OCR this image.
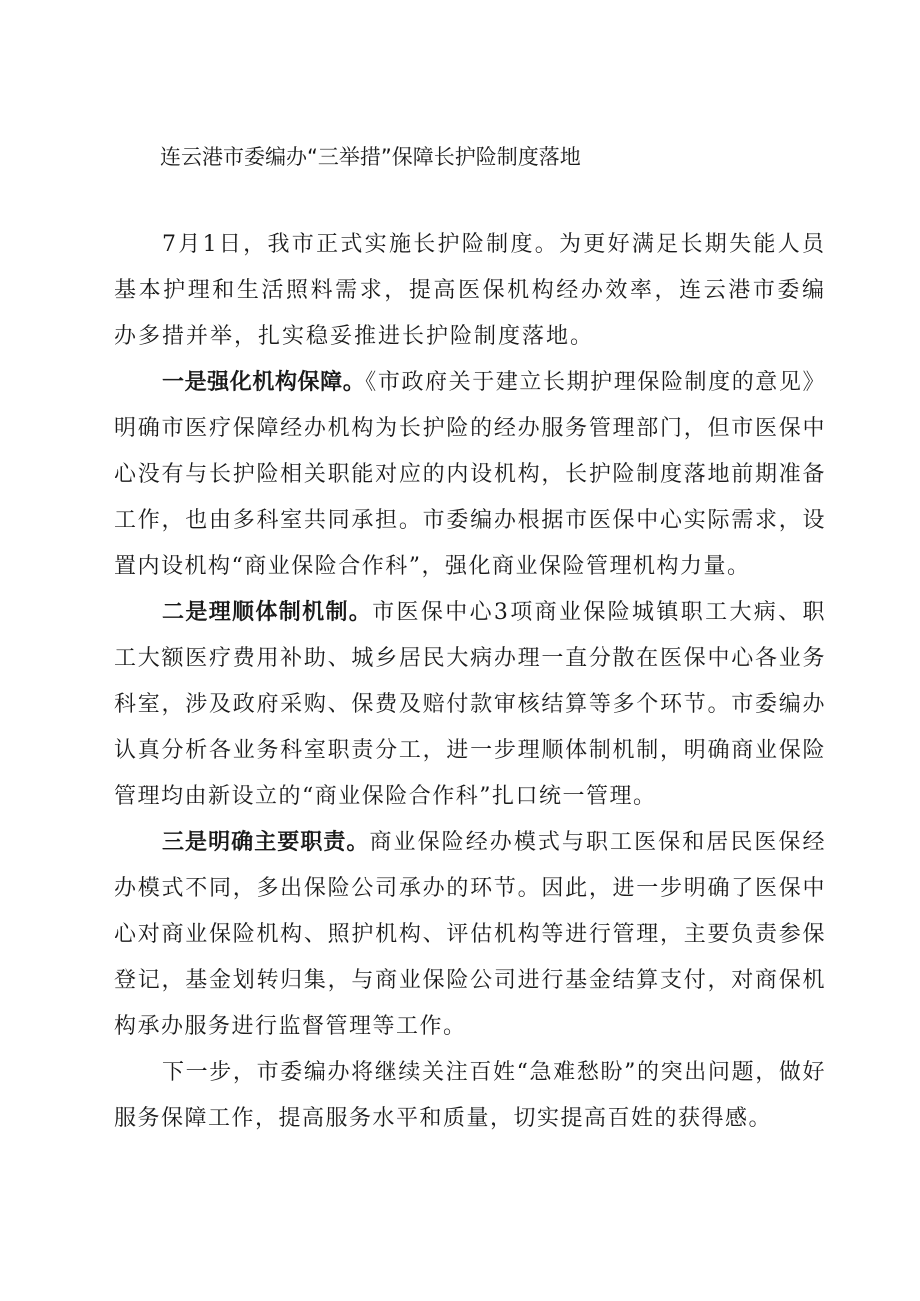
连云港市委编办“三举措”保障长护险制度落地

7月1日，我市正式实施长护险制度。为更好满足长期失能人员基本护理和生活照料需求，提高医保机构经办效率，连云港市委编办多措并举，扎实稳妥推进长护险制度落地。

一是强化机构保障。《市政府关于建立长期护理保险制度的意见》明确市医疗保障经办机构为长护险的经办服务管理部门，但市医保中心没有与长护险相关职能对应的内设机构，长护险制度落地前期准备工作，也由多科室共同承担。市委编办根据市医保中心实际需求，设置内设机构“商业保险合作科”，强化商业保险管理机构力量。

二是理顺体制机制。市医保中心3项商业保险城镇职工大病、职工大额医疗费用补助、城乡居民大病办理一直分散在医保中心各业务科室，涉及政府采购、保费及赔付款审核结算等多个环节。市委编办认真分析各业务科室职责分工，进一步理顺体制机制，明确商业保险管理均由新设立的“商业保险合作科”扎口统一管理。

三是明确主要职责。商业保险经办模式与职工医保和居民医保经办模式不同，多出保险公司承办的环节。因此，进一步明确了医保中心对商业保险机构、照护机构、评估机构等进行管理，主要负责参保登记，基金划转归集，与商业保险公司进行基金结算支付，对商保机构承办服务进行监督管理等工作。

下一步，市委编办将继续关注百姓“急难愁盼”的突出问题，做好服务保障工作，提高服务水平和质量，切实提高百姓的获得感。
